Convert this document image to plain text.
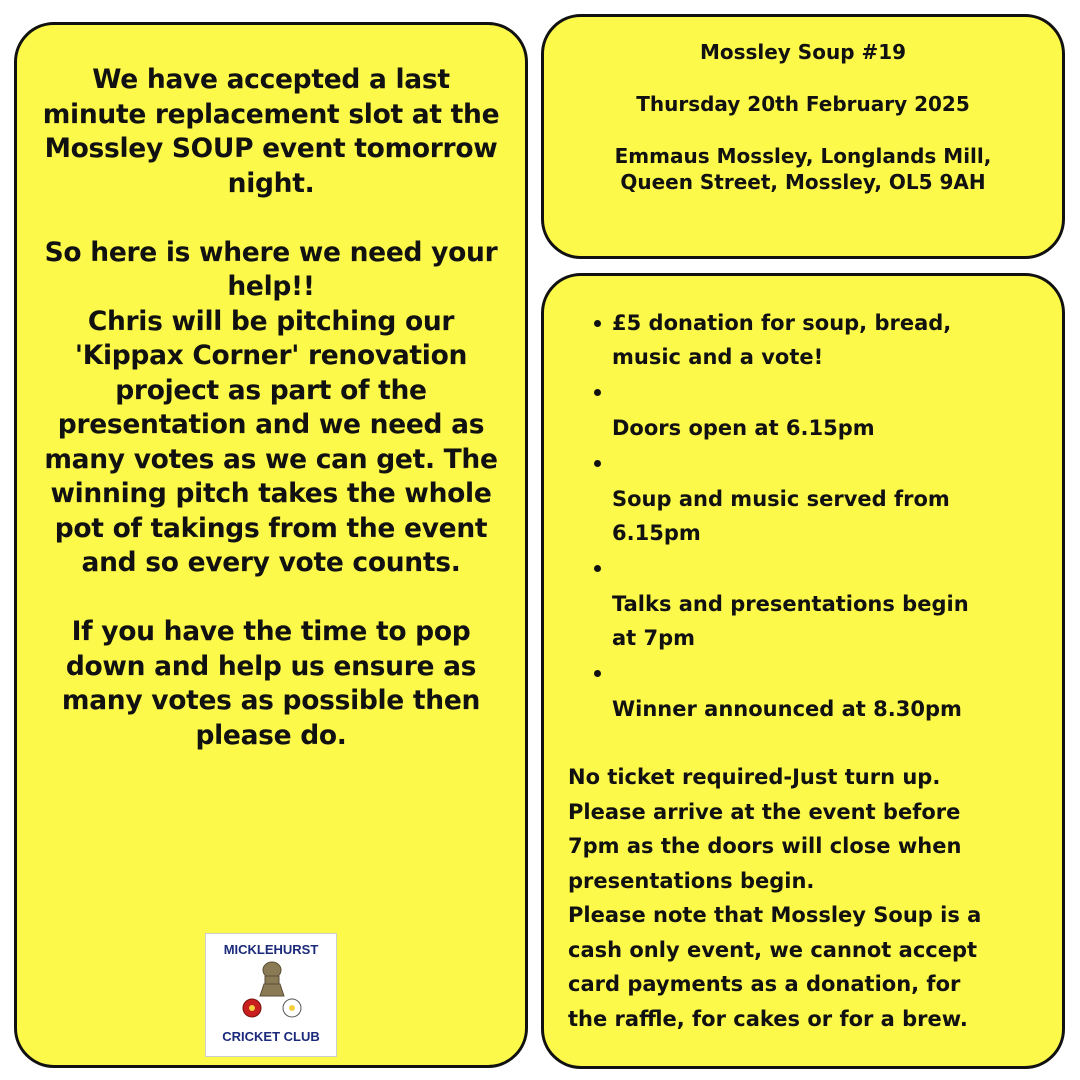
We have accepted a last

minute replacement slot at the

Mossley SOUP event tomorrow

night.

So here is where we need your

help!!

Chris will be pitching our

'Kippax Corner' renovation

project as part of the

presentation and we need as

many votes as we can get. The

winning pitch takes the whole

pot of takings from the event

and so every vote counts.

If you have the time to pop

down and help us ensure as

many votes as possible then

please do.

MICKLEHURST
CRICKET CLUB

Mossley Soup #19

Thursday 20th February 2025

Emmaus Mossley, Longlands Mill,

Queen Street, Mossley, OL5 9AH

£5 donation for soup, bread,
music and a vote!
Doors open at 6.15pm
Soup and music served from
6.15pm
Talks and presentations begin
at 7pm
Winner announced at 8.30pm

No ticket required-Just turn up.

Please arrive at the event before

7pm as the doors will close when

presentations begin.

Please note that Mossley Soup is a

cash only event, we cannot accept

card payments as a donation, for

the raffle, for cakes or for a brew.
